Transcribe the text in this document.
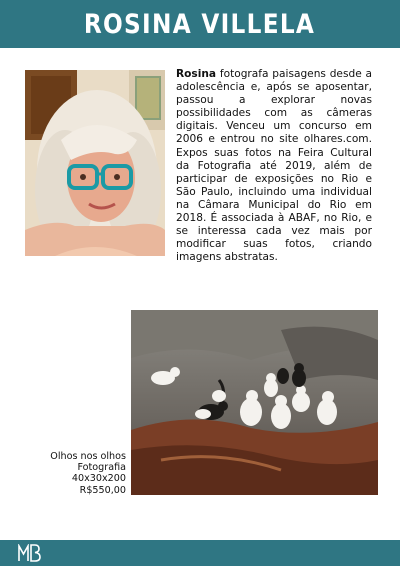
ROSINA VILLELA
Rosina fotografa paisagens desde a adolescência e, após se aposentar, passou a explorar novas possibilidades com as câmeras digitais. Venceu um concurso em 2006 e entrou no site olhares.com. Expos suas fotos na Feira Cultural da Fotografia até 2019, além de participar de exposições no Rio e São Paulo, incluindo uma individual na Câmara Municipal do Rio em 2018. É associada à ABAF, no Rio, e se interessa cada vez mais por modificar suas fotos, criando imagens abstratas.
Olhos nos olhos
Fotografia
40x30x200
R$550,00
